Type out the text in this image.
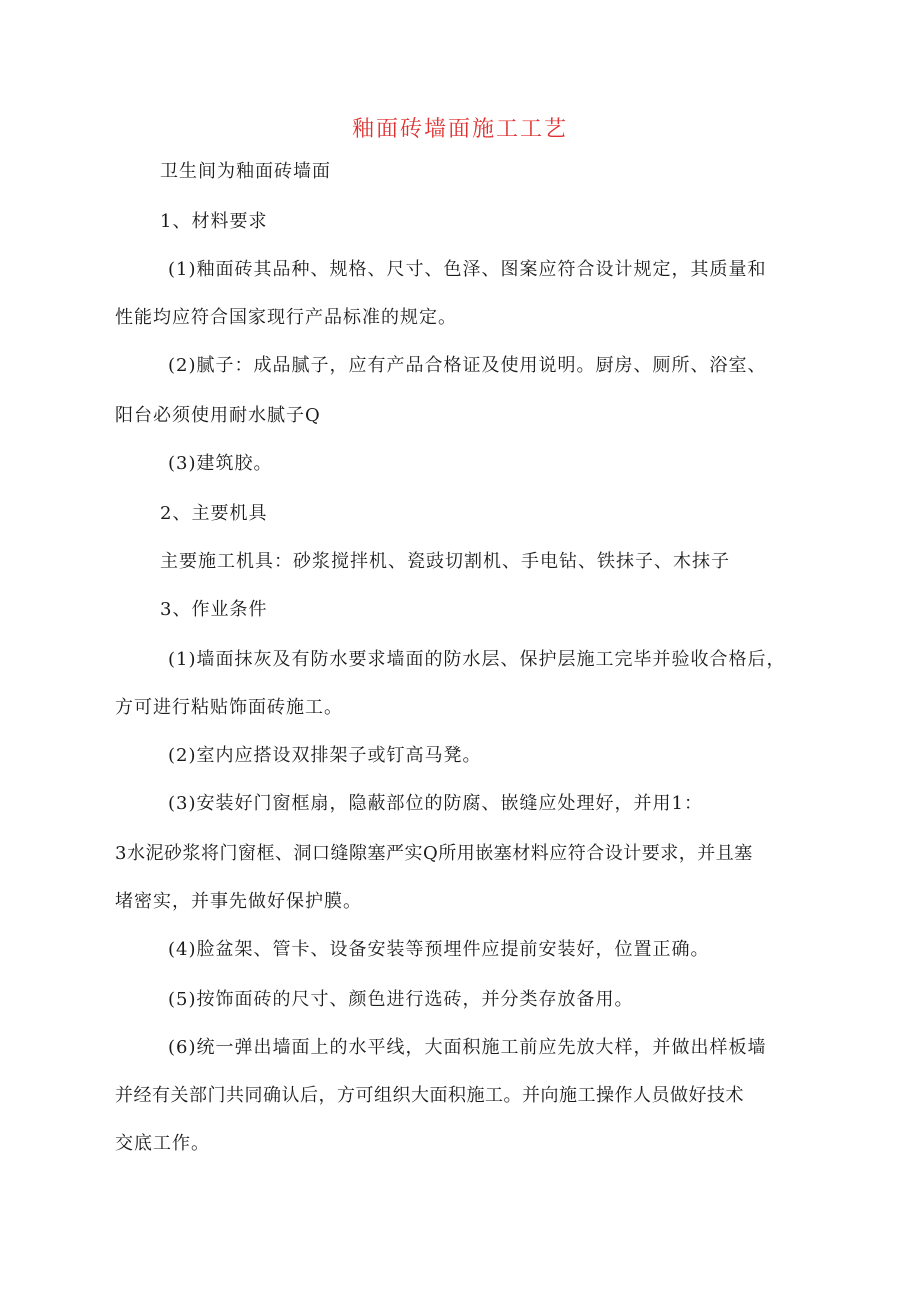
釉面砖墙面施工工艺
卫生间为釉面砖墙面
1、材料要求
(1)釉面砖其品种、规格、尺寸、色泽、图案应符合设计规定，其质量和
性能均应符合国家现行产品标准的规定。
(2)腻子：成品腻子，应有产品合格证及使用说明。厨房、厕所、浴室、
阳台必须使用耐水腻子Q
(3)建筑胶。
2、主要机具
主要施工机具：砂浆搅拌机、瓷豉切割机、手电钻、铁抹子、木抹子
3、作业条件
(1)墙面抹灰及有防水要求墙面的防水层、保护层施工完毕并验收合格后，
方可进行粘贴饰面砖施工。
(2)室内应搭设双排架子或钉高马凳。
(3)安装好门窗框扇，隐蔽部位的防腐、嵌缝应处理好，并用1：
3水泥砂浆将门窗框、洞口缝隙塞严实Q所用嵌塞材料应符合设计要求，并且塞
堵密实，并事先做好保护膜。
(4)脸盆架、管卡、设备安装等预埋件应提前安装好，位置正确。
(5)按饰面砖的尺寸、颜色进行选砖，并分类存放备用。
(6)统一弹出墙面上的水平线，大面积施工前应先放大样，并做出样板墙
并经有关部门共同确认后，方可组织大面积施工。并向施工操作人员做好技术
交底工作。
